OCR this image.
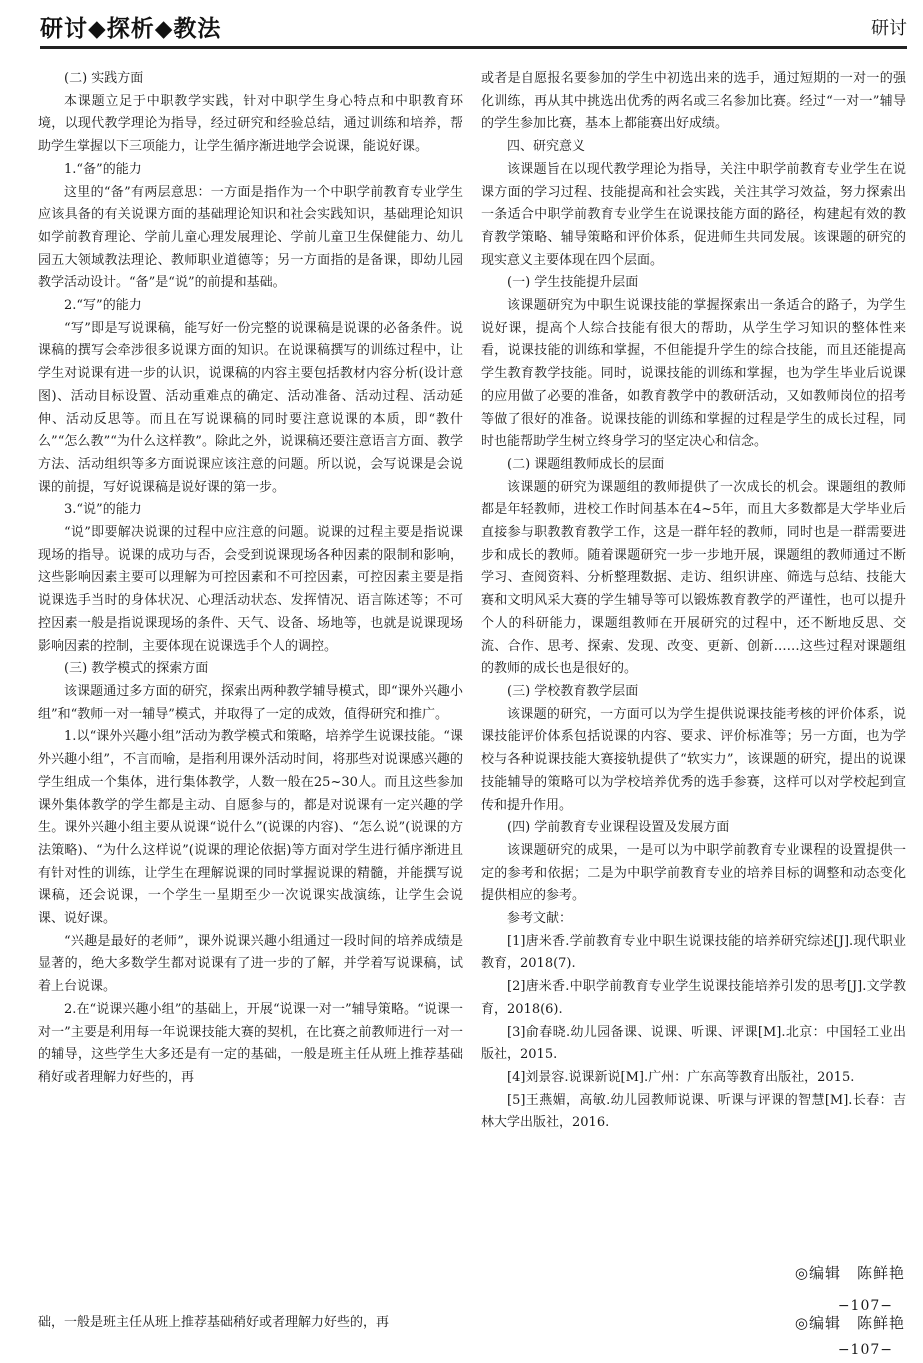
研讨◆探析◆教法	研讨

(二) 实践方面

本课题立足于中职教学实践，针对中职学生身心特点和中职教育环境，以现代教学理论为指导，经过研究和经验总结，通过训练和培养，帮助学生掌握以下三项能力，让学生循序渐进地学会说课，能说好课。

1.“备”的能力

这里的“备”有两层意思：一方面是指作为一个中职学前教育专业学生应该具备的有关说课方面的基础理论知识和社会实践知识，基础理论知识如学前教育理论、学前儿童心理发展理论、学前儿童卫生保健能力、幼儿园五大领域教法理论、教师职业道德等；另一方面指的是备课，即幼儿园教学活动设计。“备”是“说”的前提和基础。

2.“写”的能力

“写”即是写说课稿，能写好一份完整的说课稿是说课的必备条件。说课稿的撰写会牵涉很多说课方面的知识。在说课稿撰写的训练过程中，让学生对说课有进一步的认识，说课稿的内容主要包括教材内容分析(设计意图)、活动目标设置、活动重难点的确定、活动准备、活动过程、活动延伸、活动反思等。而且在写说课稿的同时要注意说课的本质，即“教什么”“怎么教”“为什么这样教”。除此之外，说课稿还要注意语言方面、教学方法、活动组织等多方面说课应该注意的问题。所以说，会写说课是会说课的前提，写好说课稿是说好课的第一步。

3.“说”的能力

“说”即要解决说课的过程中应注意的问题。说课的过程主要是指说课现场的指导。说课的成功与否，会受到说课现场各种因素的限制和影响，这些影响因素主要可以理解为可控因素和不可控因素，可控因素主要是指说课选手当时的身体状况、心理活动状态、发挥情况、语言陈述等；不可控因素一般是指说课现场的条件、天气、设备、场地等，也就是说课现场影响因素的控制，主要体现在说课选手个人的调控。

(三) 教学模式的探索方面

该课题通过多方面的研究，探索出两种教学辅导模式，即“课外兴趣小组”和“教师一对一辅导”模式，并取得了一定的成效，值得研究和推广。

1.以“课外兴趣小组”活动为教学模式和策略，培养学生说课技能。“课外兴趣小组”，不言而喻，是指利用课外活动时间，将那些对说课感兴趣的学生组成一个集体，进行集体教学，人数一般在25~30人。而且这些参加课外集体教学的学生都是主动、自愿参与的，都是对说课有一定兴趣的学生。课外兴趣小组主要从说课“说什么”(说课的内容)、“怎么说”(说课的方法策略)、“为什么这样说”(说课的理论依据)等方面对学生进行循序渐进且有针对性的训练，让学生在理解说课的同时掌握说课的精髓，并能撰写说课稿，还会说课，一个学生一星期至少一次说课实战演练，让学生会说课、说好课。

“兴趣是最好的老师”，课外说课兴趣小组通过一段时间的培养成绩是显著的，绝大多数学生都对说课有了进一步的了解，并学着写说课稿，试着上台说课。

2.在“说课兴趣小组”的基础上，开展“说课一对一”辅导策略。“说课一对一”主要是利用每一年说课技能大赛的契机，在比赛之前教师进行一对一的辅导，这些学生大多还是有一定的基础，一般是班主任从班上推荐基础稍好或者理解力好些的，再

或者是自愿报名要参加的学生中初选出来的选手，通过短期的一对一的强化训练，再从其中挑选出优秀的两名或三名参加比赛。经过“一对一”辅导的学生参加比赛，基本上都能赛出好成绩。

四、研究意义

该课题旨在以现代教学理论为指导，关注中职学前教育专业学生在说课方面的学习过程、技能提高和社会实践，关注其学习效益，努力探索出一条适合中职学前教育专业学生在说课技能方面的路径，构建起有效的教育教学策略、辅导策略和评价体系，促进师生共同发展。该课题的研究的现实意义主要体现在四个层面。

(一) 学生技能提升层面

该课题研究为中职生说课技能的掌握探索出一条适合的路子，为学生说好课，提高个人综合技能有很大的帮助，从学生学习知识的整体性来看，说课技能的训练和掌握，不但能提升学生的综合技能，而且还能提高学生教育教学技能。同时，说课技能的训练和掌握，也为学生毕业后说课的应用做了必要的准备，如教育教学中的教研活动，又如教师岗位的招考等做了很好的准备。说课技能的训练和掌握的过程是学生的成长过程，同时也能帮助学生树立终身学习的坚定决心和信念。

(二) 课题组教师成长的层面

该课题的研究为课题组的教师提供了一次成长的机会。课题组的教师都是年轻教师，进校工作时间基本在4~5年，而且大多数都是大学毕业后直接参与职教教育教学工作，这是一群年轻的教师，同时也是一群需要进步和成长的教师。随着课题研究一步一步地开展，课题组的教师通过不断学习、查阅资料、分析整理数据、走访、组织讲座、筛选与总结、技能大赛和文明风采大赛的学生辅导等可以锻炼教育教学的严谨性，也可以提升个人的科研能力，课题组教师在开展研究的过程中，还不断地反思、交流、合作、思考、探索、发现、改变、更新、创新……这些过程对课题组的教师的成长也是很好的。

(三) 学校教育教学层面

该课题的研究，一方面可以为学生提供说课技能考核的评价体系，说课技能评价体系包括说课的内容、要求、评价标准等；另一方面，也为学校与各种说课技能大赛接轨提供了“软实力”，该课题的研究，提出的说课技能辅导的策略可以为学校培养优秀的选手参赛，这样可以对学校起到宣传和提升作用。

(四) 学前教育专业课程设置及发展方面

该课题研究的成果，一是可以为中职学前教育专业课程的设置提供一定的参考和依据；二是为中职学前教育专业的培养目标的调整和动态变化提供相应的参考。

参考文献：

[1]唐米香.学前教育专业中职生说课技能的培养研究综述[J].现代职业教育，2018(7).

[2]唐米香.中职学前教育专业学生说课技能培养引发的思考[J].文学教育，2018(6).

[3]俞春晓.幼儿园备课、说课、听课、评课[M].北京：中国轻工业出版社，2015.

[4]刘景容.说课新说[M].广州：广东高等教育出版社，2015.

[5]王燕媚，高敏.幼儿园教师说课、听课与评课的智慧[M].长春：吉林大学出版社，2016.

◎编辑　陈鲜艳
−107−
础，一般是班主任从班上推荐基础稍好或者理解力好些的，再	◎编辑　陈鲜艳
−107−
